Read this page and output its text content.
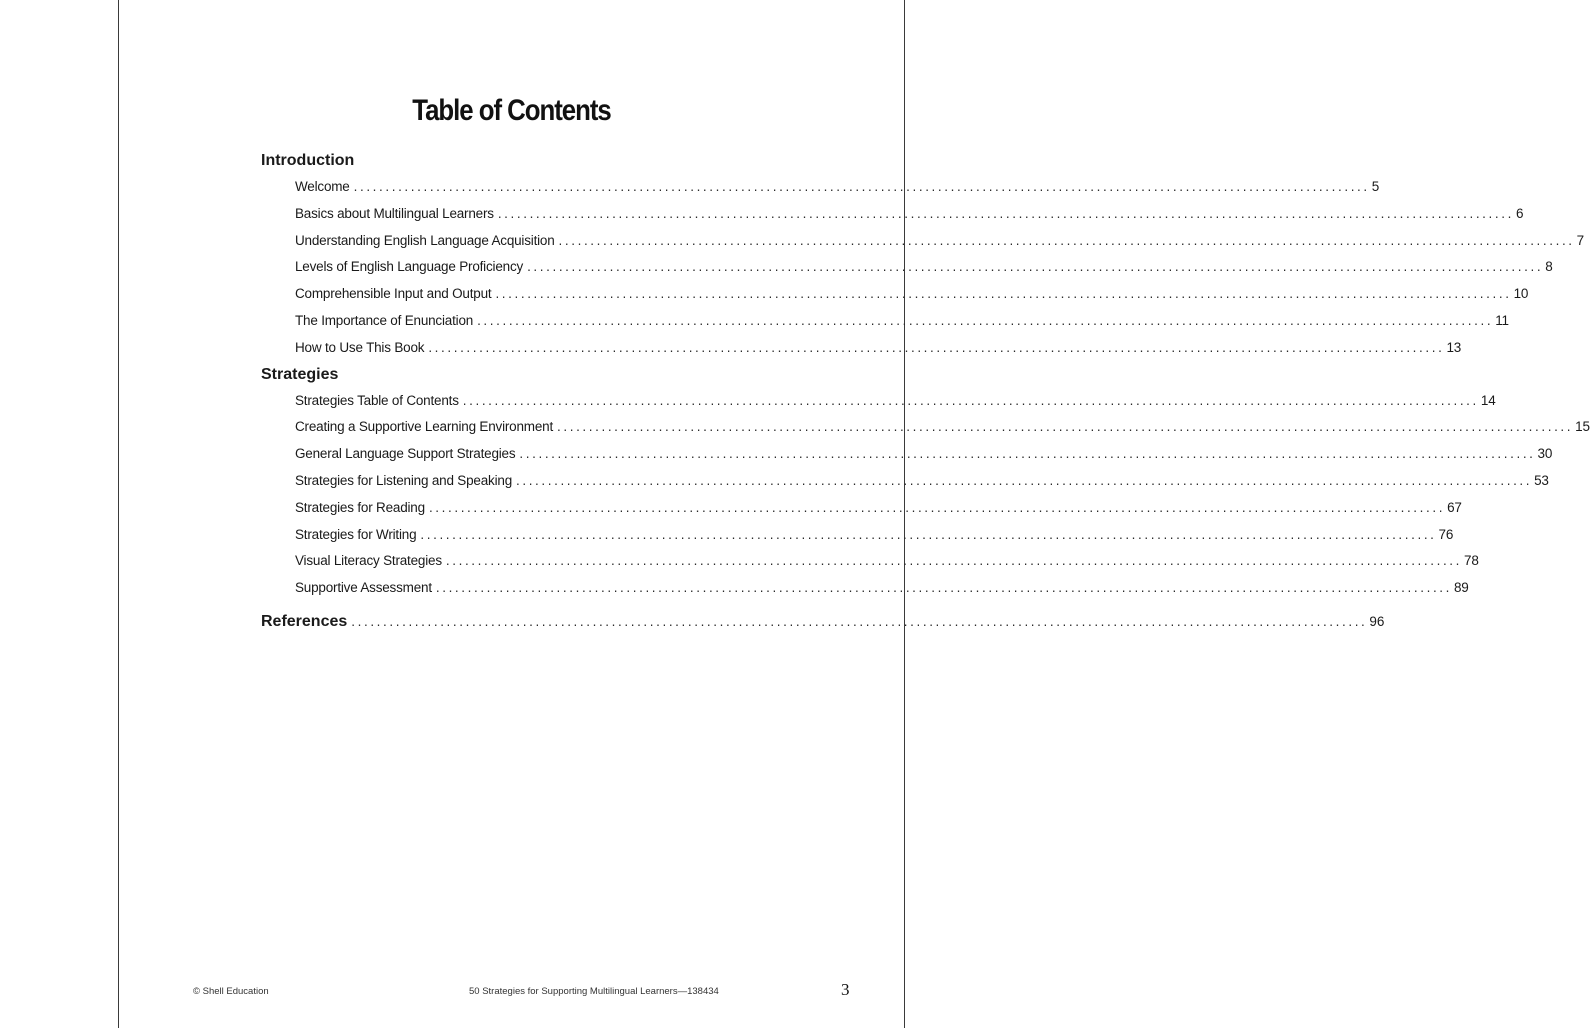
Table of Contents
Introduction
Welcome ................................................................................................................................................................ 5
Basics about Multilingual Learners ................................................................................................................................................................ 6
Understanding English Language Acquisition ................................................................................................................................................................ 7
Levels of English Language Proficiency ................................................................................................................................................................ 8
Comprehensible Input and Output ................................................................................................................................................................ 10
The Importance of Enunciation ................................................................................................................................................................ 11
How to Use This Book ................................................................................................................................................................ 13
Strategies
Strategies Table of Contents ................................................................................................................................................................ 14
Creating a Supportive Learning Environment ................................................................................................................................................................ 15
General Language Support Strategies ................................................................................................................................................................ 30
Strategies for Listening and Speaking ................................................................................................................................................................ 53
Strategies for Reading ................................................................................................................................................................ 67
Strategies for Writing ................................................................................................................................................................ 76
Visual Literacy Strategies ................................................................................................................................................................ 78
Supportive Assessment ................................................................................................................................................................ 89
References ................................................................................................................................................................ 96
© Shell Education	50 Strategies for Supporting Multilingual Learners—138434	3
